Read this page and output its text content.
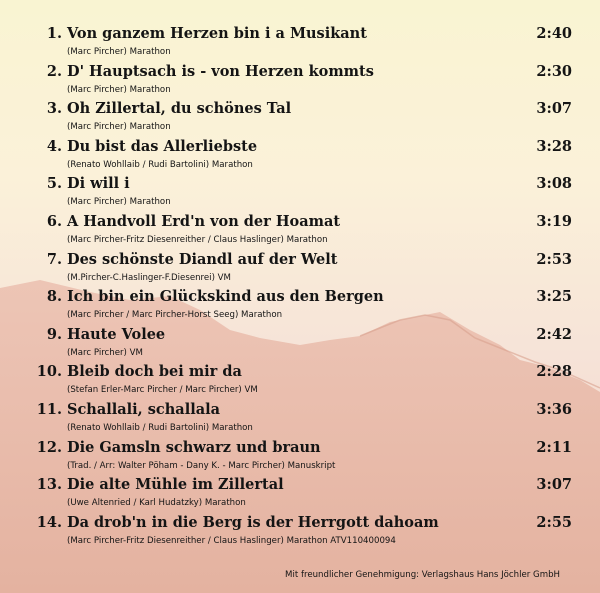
1. Von ganzem Herzen bin i a Musikant	2:40
(Marc Pircher) Marathon
2. D' Hauptsach is - von Herzen kommts	2:30
(Marc Pircher) Marathon
3. Oh Zillertal, du schönes Tal	3:07
(Marc Pircher) Marathon
4. Du bist das Allerliebste	3:28
(Renato Wohllaib / Rudi Bartolini) Marathon
5. Di will i	3:08
(Marc Pircher) Marathon
6. A Handvoll Erd'n von der Hoamat	3:19
(Marc Pircher-Fritz Diesenreither / Claus Haslinger) Marathon
7. Des schönste Diandl auf der Welt	2:53
(M.Pircher-C.Haslinger-F.Diesenrei) VM
8. Ich bin ein Glückskind aus den Bergen	3:25
(Marc Pircher / Marc Pircher-Horst Seeg) Marathon
9. Haute Volee	2:42
(Marc Pircher) VM
10. Bleib doch bei mir da	2:28
(Stefan Erler-Marc Pircher / Marc Pircher) VM
11. Schallali, schallala	3:36
(Renato Wohllaib / Rudi Bartolini) Marathon
12. Die Gamsln schwarz und braun	2:11
(Trad. / Arr: Walter Pöham - Dany K. - Marc Pircher) Manuskript
13. Die alte Mühle im Zillertal	3:07
(Uwe Altenried / Karl Hudatzky) Marathon
14. Da drob'n in die Berg is der Herrgott dahoam	2:55
(Marc Pircher-Fritz Diesenreither / Claus Haslinger) Marathon ATV110400094
Mit freundlicher Genehmigung: Verlagshaus Hans Jöchler GmbH
